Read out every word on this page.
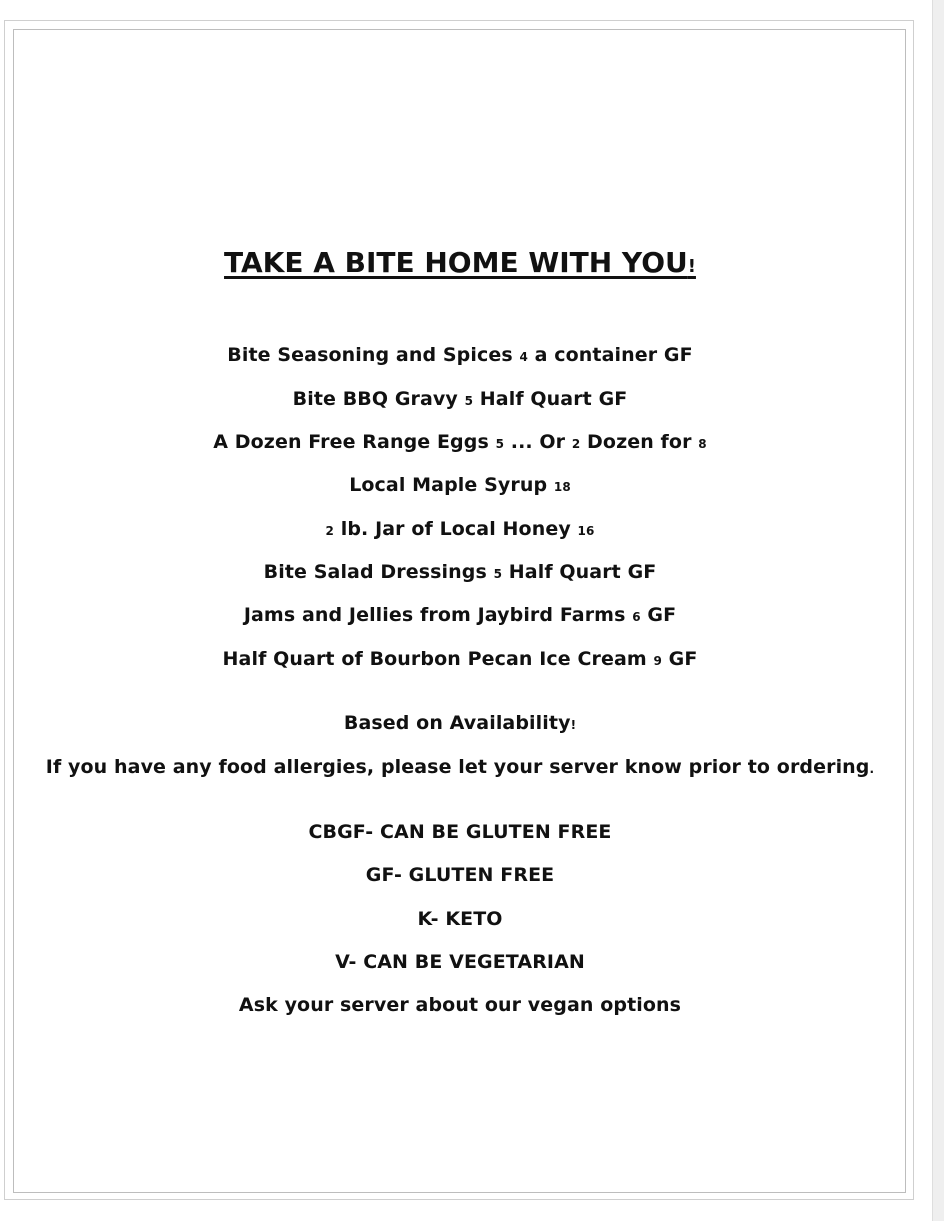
TAKE A BITE HOME WITH YOU!
Bite Seasoning and Spices 4 a container GF
Bite BBQ Gravy 5 Half Quart GF
A Dozen Free Range Eggs 5 ... Or 2 Dozen for 8
Local Maple Syrup 18
2 lb. Jar of Local Honey 16
Bite Salad Dressings 5 Half Quart GF
Jams and Jellies from Jaybird Farms 6 GF
Half Quart of Bourbon Pecan Ice Cream 9 GF
Based on Availability!
If you have any food allergies, please let your server know prior to ordering.
CBGF- CAN BE GLUTEN FREE
GF- GLUTEN FREE
K- KETO
V- CAN BE VEGETARIAN
Ask your server about our vegan options
